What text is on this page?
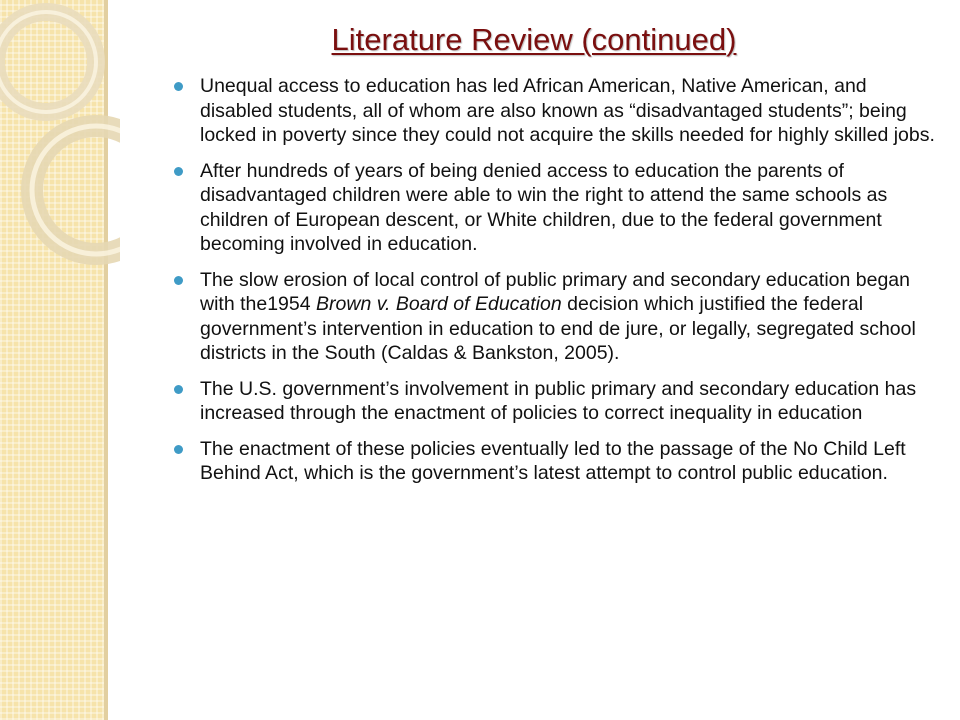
Literature Review (continued)
Unequal access to education has led African American, Native American, and disabled students, all of whom are also known as “disadvantaged students”; being locked in poverty since they could not acquire the skills needed for highly skilled jobs.
After hundreds of years of being denied access to education the parents of disadvantaged children were able to win the right to attend the same schools as children of European descent, or White children, due to the federal government becoming involved in education.
The slow erosion of local control of public primary and secondary education began with the1954 Brown v. Board of Education decision which justified the federal government’s intervention in education to end de jure, or legally, segregated school districts in the South (Caldas & Bankston, 2005).
The U.S. government’s involvement in public primary and secondary education has increased through the enactment of policies to correct inequality in education
The enactment of these policies eventually led to the passage of the No Child Left Behind Act, which is the government’s latest attempt to control public education.
